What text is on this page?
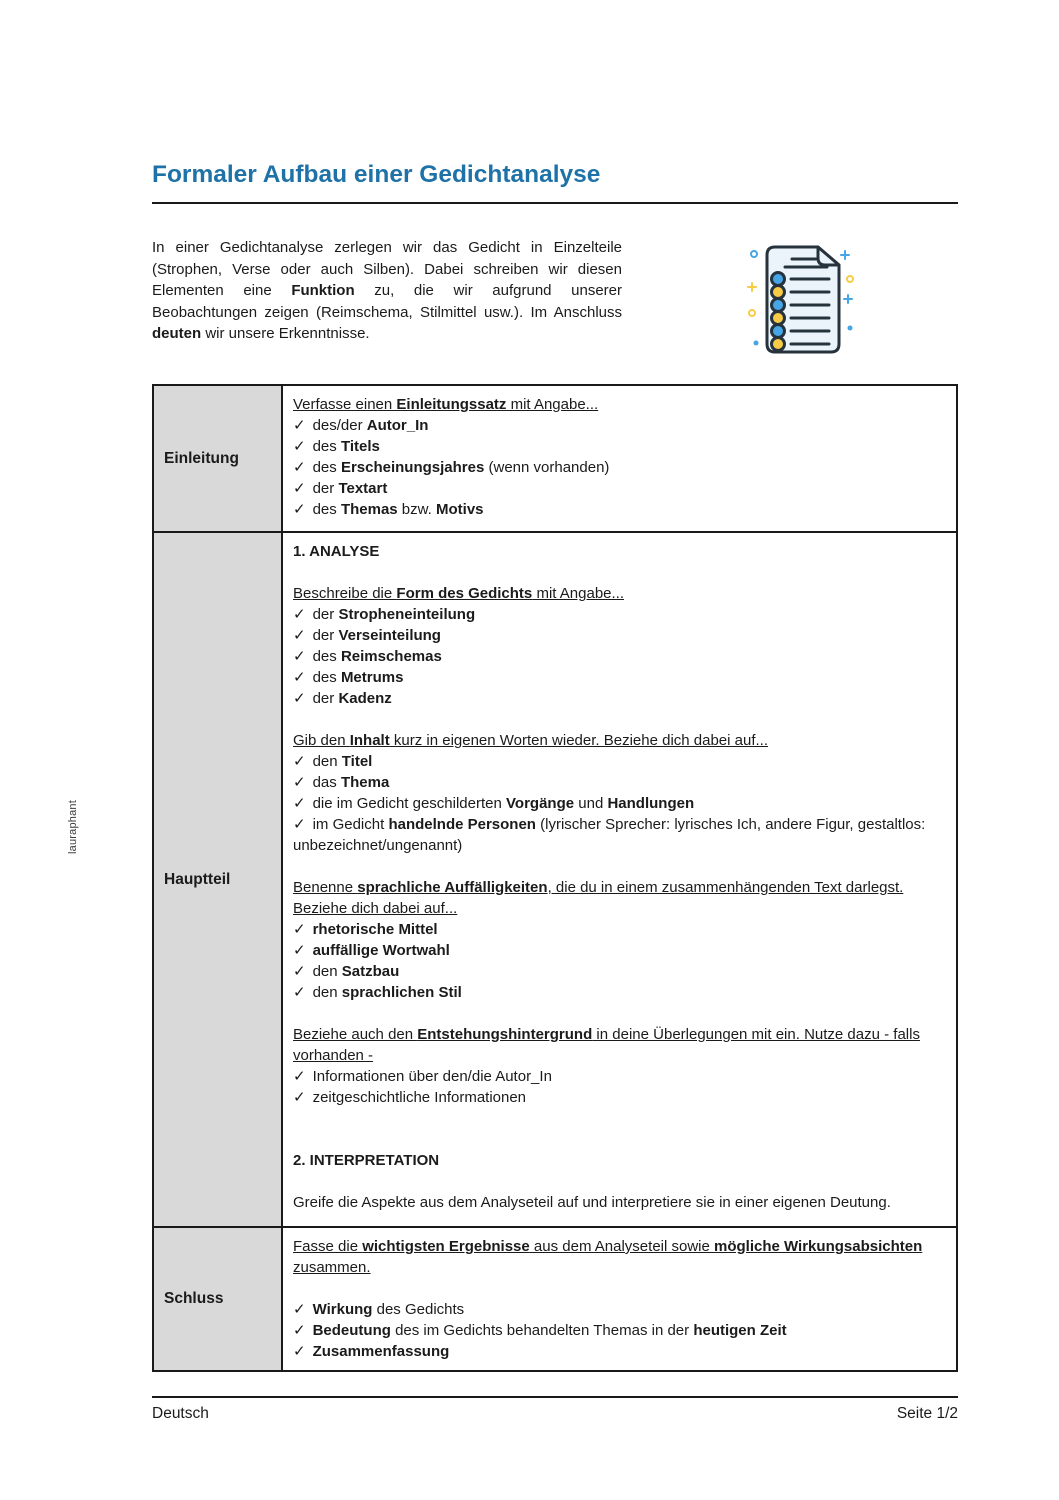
lauraphant
Formaler Aufbau einer Gedichtanalyse

In einer Gedichtanalyse zerlegen wir das Gedicht in Einzelteile (Strophen, Verse oder auch Silben). Dabei schreiben wir diesen Elementen eine Funktion zu, die wir aufgrund unserer Beobachtungen zeigen (Reimschema, Stilmittel usw.). Im Anschluss deuten wir unsere Erkenntnisse.

Einleitung
Verfasse einen Einleitungssatz mit Angabe...
✓ des/der Autor_In
✓ des Titels
✓ des Erscheinungsjahres (wenn vorhanden)
✓ der Textart
✓ des Themas bzw. Motivs
Hauptteil
1. ANALYSE
Beschreibe die Form des Gedichts mit Angabe...
✓ der Stropheneinteilung
✓ der Verseinteilung
✓ des Reimschemas
✓ des Metrums
✓ der Kadenz
Gib den Inhalt kurz in eigenen Worten wieder. Beziehe dich dabei auf...
✓ den Titel
✓ das Thema
✓ die im Gedicht geschilderten Vorgänge und Handlungen
✓ im Gedicht handelnde Personen (lyrischer Sprecher: lyrisches Ich, andere Figur, gestaltlos: unbezeichnet/ungenannt)
Benenne sprachliche Auffälligkeiten, die du in einem zusammenhängenden Text darlegst. Beziehe dich dabei auf...
✓ rhetorische Mittel
✓ auffällige Wortwahl
✓ den Satzbau
✓ den sprachlichen Stil
Beziehe auch den Entstehungshintergrund in deine Überlegungen mit ein. Nutze dazu - falls vorhanden -
✓ Informationen über den/die Autor_In
✓ zeitgeschichtliche Informationen
2. INTERPRETATION
Greife die Aspekte aus dem Analyseteil auf und interpretiere sie in einer eigenen Deutung.
Schluss
Fasse die wichtigsten Ergebnisse aus dem Analyseteil sowie mögliche Wirkungsabsichten zusammen.
✓ Wirkung des Gedichts
✓ Bedeutung des im Gedichts behandelten Themas in der heutigen Zeit
✓ Zusammenfassung
Deutsch	Seite 1/2
